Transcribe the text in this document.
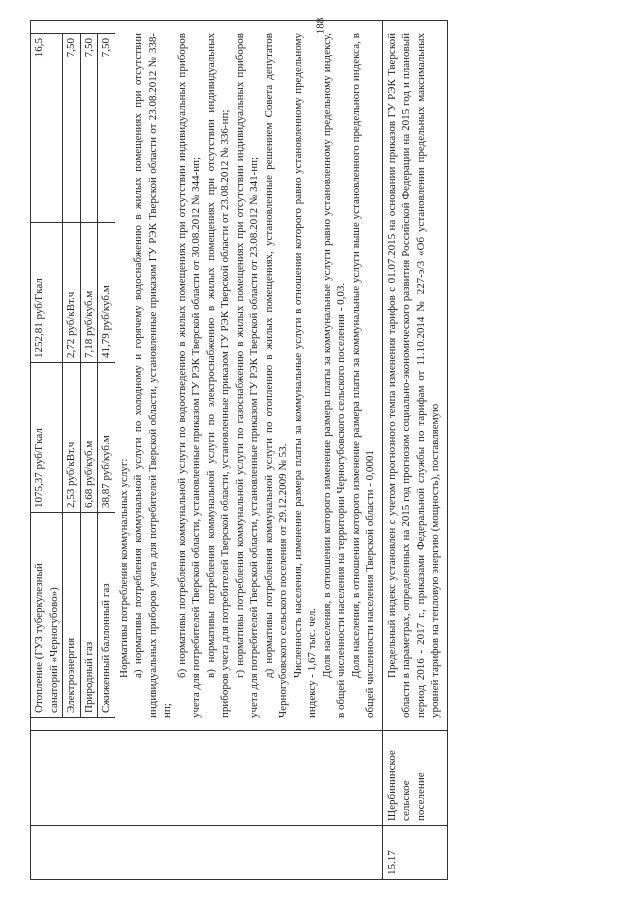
188
Отопление (ГУЗ туберкулезный санаторий «Черногубово»)
1075,37 руб/Гкал
1252,81 руб/Гкал
16,5
Электроэнергия
2,53 руб/кВт.ч
2,72 руб/кВт.ч
7,50
Природный газ
6,68 руб/куб.м
7,18 руб/куб.м
7,50
Сжиженный баллонный газ
38,87 руб/куб.м
41,79 руб/куб.м
7,50

Нормативы потребления коммунальных услуг: а) нормативы потребления коммунальной услуги по холодному и горячему водоснабжению в жилых помещениях при отсутствии индивидуальных приборов учета для потребителей Тверской области, установленные приказом ГУ РЭК Тверской области от 23.08.2012 № 338-нп;

б) нормативы потребления коммунальной услуги по водоотведению в жилых помещениях при отсутствии индивидуальных приборов учета для потребителей Тверской области, установленные приказом ГУ РЭК Тверской области от 30.08.2012 № 344-нп; в) нормативы потребления коммунальной услуги по электроснабжению в жилых помещениях при отсутствии индивидуальных приборов учета для потребителей Тверской области, установленные приказом ГУ РЭК Тверской области от 23.08.2012 № 336-нп; г) нормативы потребления коммунальной услуги по газоснабжению в жилых помещениях при отсутствии индивидуальных приборов учета для потребителей Тверской области, установленные приказом ГУ РЭК Тверской области от 23.08.2012 № 341-нп; д) нормативы потребления коммунальной услуги по отоплению в жилых помещениях, установленные решением Совета депутатов Черногубовского сельского поселения от 29.12.2009 № 53. Численность населения, изменение размера платы за коммунальные услуги в отношении которого равно установленному предельному индексу - 1,67 тыс. чел. Доля населения, в отношении которого изменение размера платы за коммунальные услуги равно установленному предельному индексу, в общей численности населения на территории Черногубовского сельского поселения - 0,03. Доля населения, в отношении которого изменение размера платы за коммунальные услуги выше установленного предельного индекса, в общей численности населения Тверской области - 0,0001

15.17
Щербининское сельское поселение

Предельный индекс установлен с учетом прогнозного темпа изменения тарифов с 01.07.2015 на основании приказов ГУ РЭК Тверской области в параметрах, определенных на 2015 год прогнозом социально-экономического развития Российской Федерации на 2015 год и плановый период 2016 - 2017 г., приказами Федеральной службы по тарифам от 11.10.2014 № 227-э/3 «Об установлении предельных максимальных уровней тарифов на тепловую энергию (мощность), поставляемую
